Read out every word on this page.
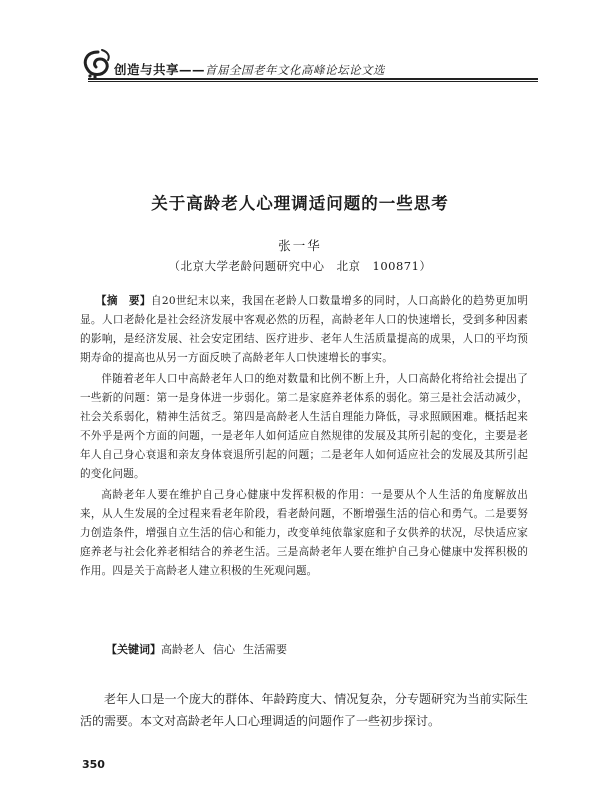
创造与共享——首届全国老年文化高峰论坛论文选
关于高龄老人心理调适问题的一些思考
张一华
（北京大学老龄问题研究中心　北京　100871）

【摘　要】自20世纪末以来，我国在老龄人口数量增多的同时，人口高龄化的趋势更加明显。人口老龄化是社会经济发展中客观必然的历程，高龄老年人口的快速增长，受到多种因素的影响，是经济发展、社会安定团结、医疗进步、老年人生活质量提高的成果，人口的平均预期寿命的提高也从另一方面反映了高龄老年人口快速增长的事实。

伴随着老年人口中高龄老年人口的绝对数量和比例不断上升，人口高龄化将给社会提出了一些新的问题：第一是身体进一步弱化。第二是家庭养老体系的弱化。第三是社会活动减少，社会关系弱化，精神生活贫乏。第四是高龄老人生活自理能力降低，寻求照顾困难。概括起来不外乎是两个方面的问题，一是老年人如何适应自然规律的发展及其所引起的变化，主要是老年人自己身心衰退和亲友身体衰退所引起的问题；二是老年人如何适应社会的发展及其所引起的变化问题。

高龄老年人要在维护自己身心健康中发挥积极的作用：一是要从个人生活的角度解放出来，从人生发展的全过程来看老年阶段，看老龄问题，不断增强生活的信心和勇气。二是要努力创造条件，增强自立生活的信心和能力，改变单纯依靠家庭和子女供养的状况，尽快适应家庭养老与社会化养老相结合的养老生活。三是高龄老年人要在维护自己身心健康中发挥积极的作用。四是关于高龄老人建立积极的生死观问题。

【关键词】高龄老人 信心 生活需要

老年人口是一个庞大的群体、年龄跨度大、情况复杂，分专题研究为当前实际生活的需要。本文对高龄老年人口心理调适的问题作了一些初步探讨。

350
